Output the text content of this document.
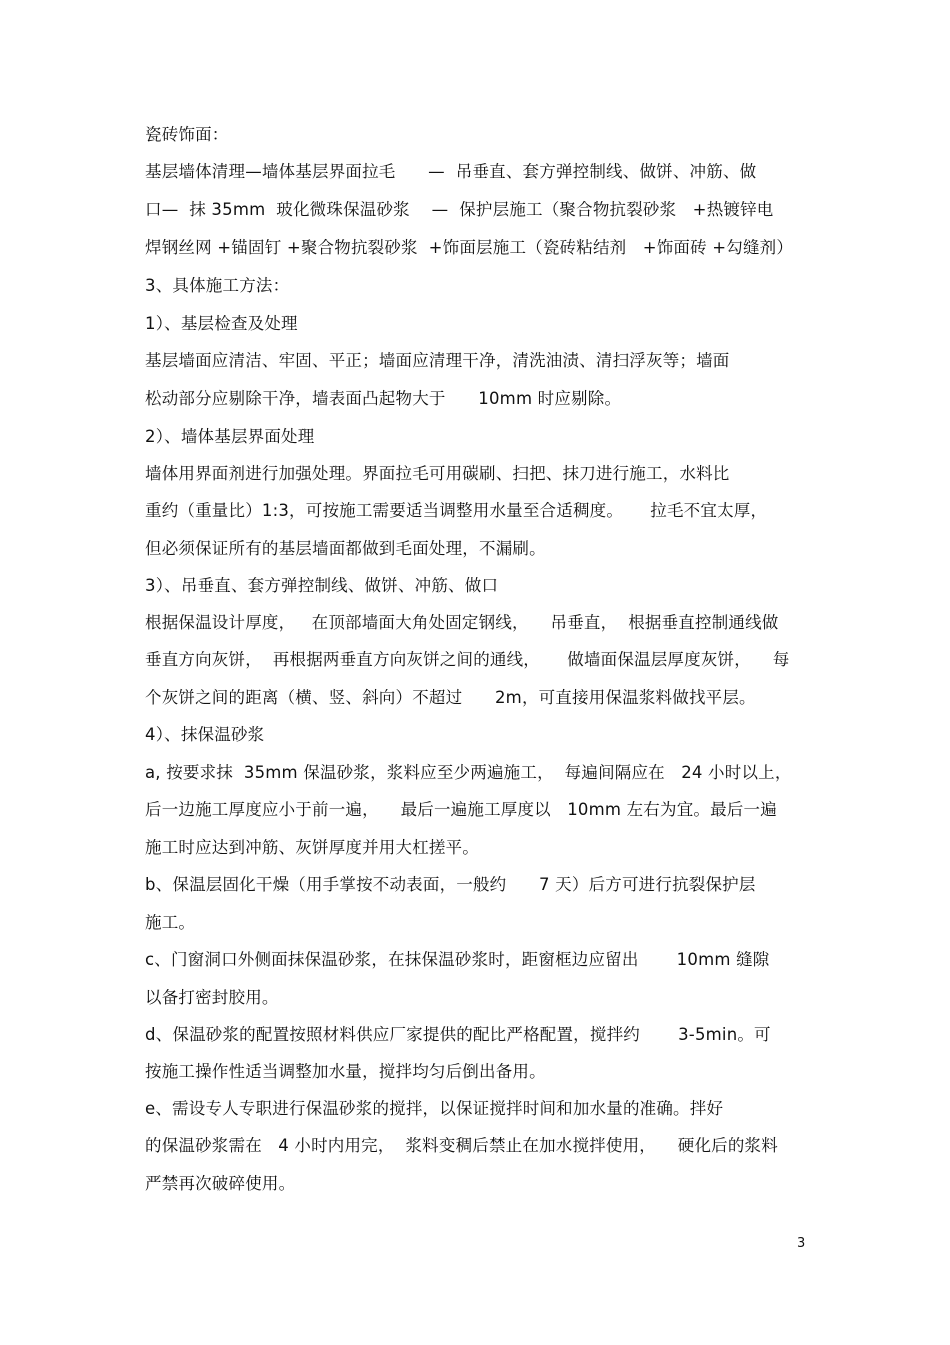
瓷砖饰面：
基层墙体清理—墙体基层界面拉毛      —  吊垂直、套方弹控制线、做饼、冲筋、做
口—  抹 35mm  玻化微珠保温砂浆    —  保护层施工（聚合物抗裂砂浆   +热镀锌电
焊钢丝网 +锚固钉 +聚合物抗裂砂浆  +饰面层施工（瓷砖粘结剂   +饰面砖 +勾缝剂）
3、具体施工方法：
1）、基层检查及处理
基层墙面应清洁、牢固、平正；墙面应清理干净，清洗油渍、清扫浮灰等；墙面
松动部分应剔除干净，墙表面凸起物大于      10mm 时应剔除。
2）、墙体基层界面处理
墙体用界面剂进行加强处理。界面拉毛可用碳刷、扫把、抹刀进行施工，水料比
重约（重量比）1:3，可按施工需要适当调整用水量至合适稠度。     拉毛不宜太厚，
但必须保证所有的基层墙面都做到毛面处理，不漏刷。
3）、吊垂直、套方弹控制线、做饼、冲筋、做口
根据保温设计厚度，   在顶部墙面大角处固定钢线，    吊垂直，  根据垂直控制通线做
垂直方向灰饼，  再根据两垂直方向灰饼之间的通线，     做墙面保温层厚度灰饼，    每
个灰饼之间的距离（横、竖、斜向）不超过      2m，可直接用保温浆料做找平层。
4）、抹保温砂浆
a, 按要求抹  35mm 保温砂浆，浆料应至少两遍施工，  每遍间隔应在   24 小时以上，
后一边施工厚度应小于前一遍，    最后一遍施工厚度以   10mm 左右为宜。最后一遍
施工时应达到冲筋、灰饼厚度并用大杠搓平。
b、保温层固化干燥（用手掌按不动表面，一般约      7 天）后方可进行抗裂保护层
施工。
c、门窗洞口外侧面抹保温砂浆，在抹保温砂浆时，距窗框边应留出       10mm 缝隙
以备打密封胶用。
d、保温砂浆的配置按照材料供应厂家提供的配比严格配置，搅拌约       3-5min。可
按施工操作性适当调整加水量，搅拌均匀后倒出备用。
e、需设专人专职进行保温砂浆的搅拌，以保证搅拌时间和加水量的准确。拌好
的保温砂浆需在   4 小时内用完，  浆料变稠后禁止在加水搅拌使用，    硬化后的浆料
严禁再次破碎使用。
3
